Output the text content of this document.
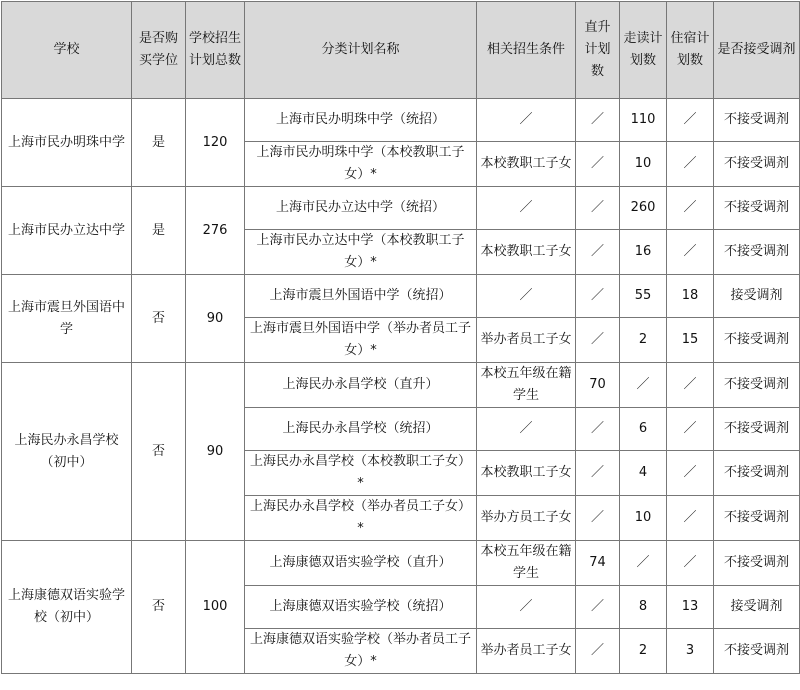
学校	是否购买学位	学校招生计划总数	分类计划名称	相关招生条件	直升计划数	走读计划数	住宿计划数	是否接受调剂
上海市民办明珠中学	是	120	上海市民办明珠中学（统招）	／	／	110	／	不接受调剂
			上海市民办明珠中学（本校教职工子女）*	本校教职工子女	／	10	／	不接受调剂
上海市民办立达中学	是	276	上海市民办立达中学（统招）	／	／	260	／	不接受调剂
			上海市民办立达中学（本校教职工子女）*	本校教职工子女	／	16	／	不接受调剂
上海市震旦外国语中学	否	90	上海市震旦外国语中学（统招）	／	／	55	18	接受调剂
			上海市震旦外国语中学（举办者员工子女）*	举办者员工子女	／	2	15	不接受调剂
上海民办永昌学校（初中）	否	90	上海民办永昌学校（直升）	本校五年级在籍学生	70	／	／	不接受调剂
			上海民办永昌学校（统招）	／	／	6	／	不接受调剂
			上海民办永昌学校（本校教职工子女）*	本校教职工子女	／	4	／	不接受调剂
			上海民办永昌学校（举办者员工子女）*	举办方员工子女	／	10	／	不接受调剂
上海康德双语实验学校（初中）	否	100	上海康德双语实验学校（直升）	本校五年级在籍学生	74	／	／	不接受调剂
			上海康德双语实验学校（统招）	／	／	8	13	接受调剂
			上海康德双语实验学校（举办者员工子女）*	举办者员工子女	／	2	3	不接受调剂
